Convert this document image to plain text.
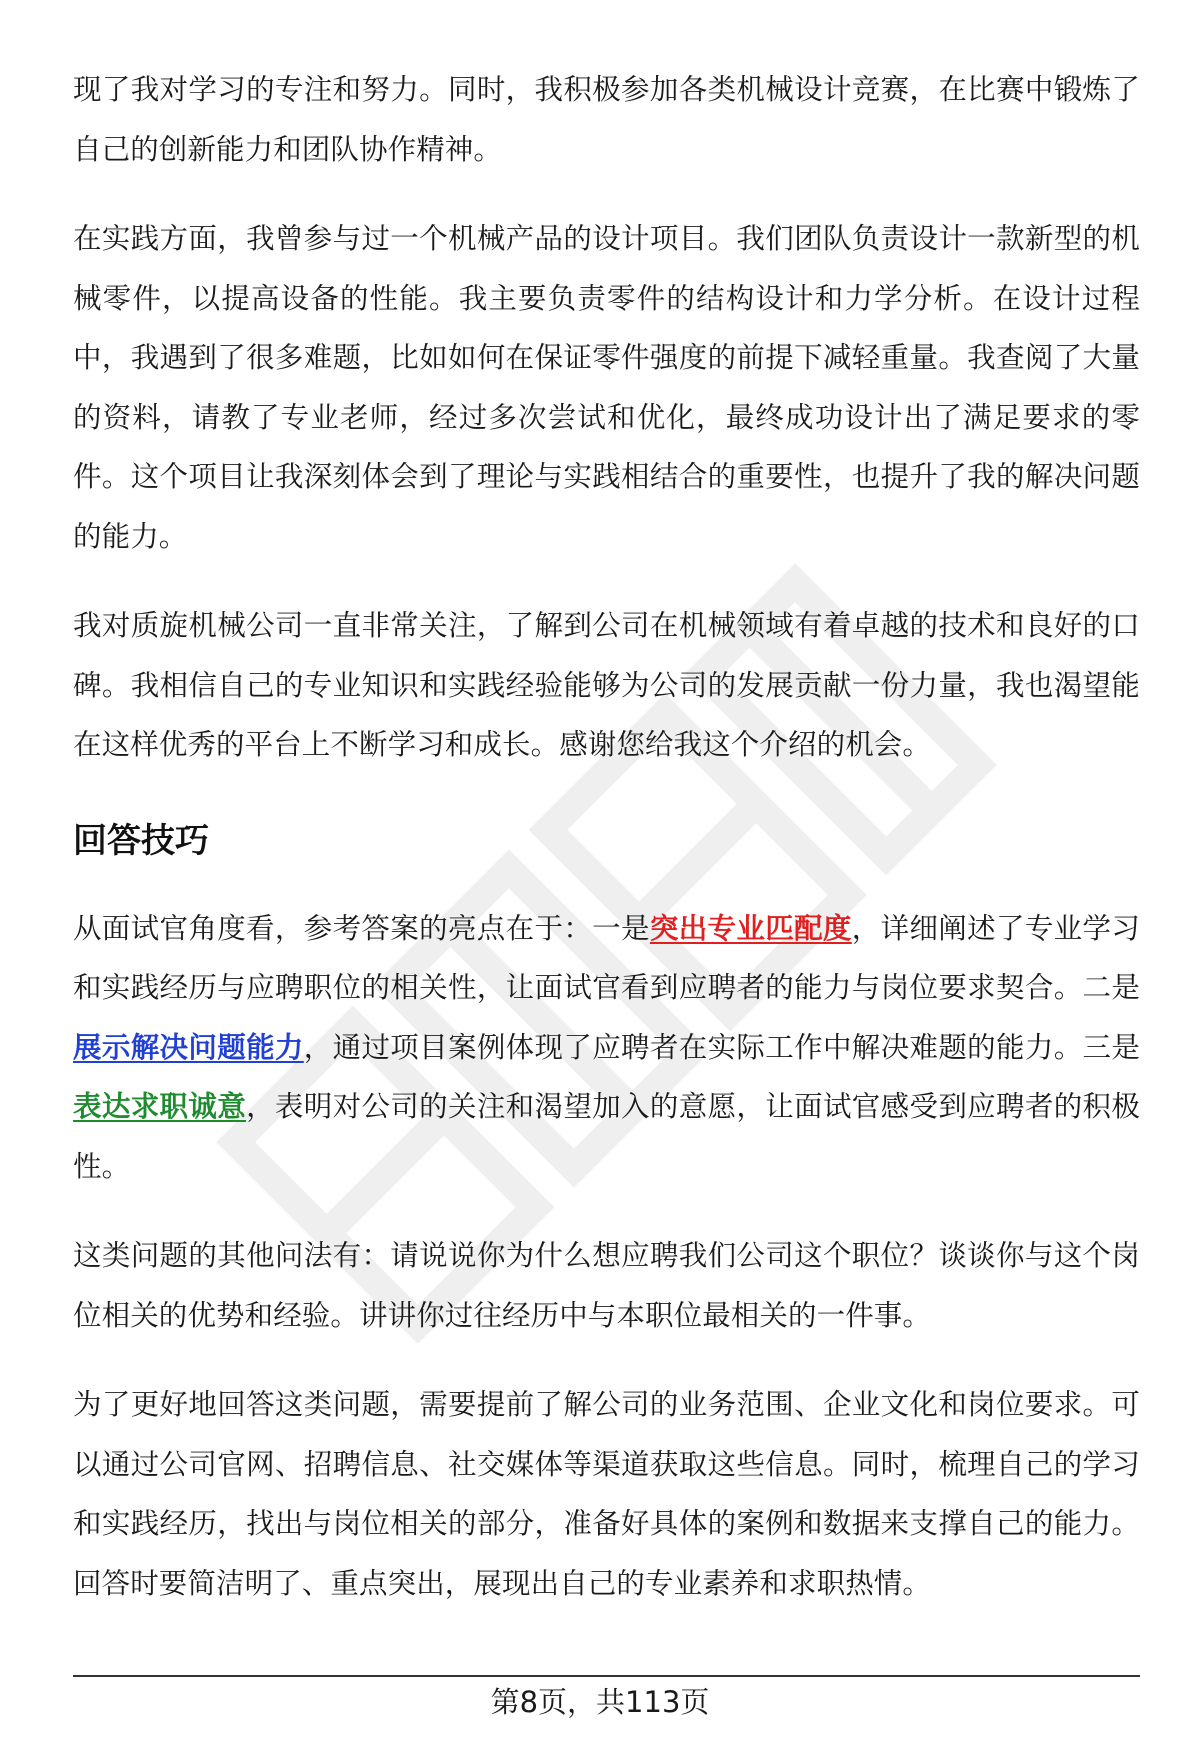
现了我对学习的专注和努力。同时，我积极参加各类机械设计竞赛，在比赛中锻炼了自己的创新能力和团队协作精神。

在实践方面，我曾参与过一个机械产品的设计项目。我们团队负责设计一款新型的机械零件，以提高设备的性能。我主要负责零件的结构设计和力学分析。在设计过程中，我遇到了很多难题，比如如何在保证零件强度的前提下减轻重量。我查阅了大量的资料，请教了专业老师，经过多次尝试和优化，最终成功设计出了满足要求的零件。这个项目让我深刻体会到了理论与实践相结合的重要性，也提升了我的解决问题的能力。

我对质旋机械公司一直非常关注，了解到公司在机械领域有着卓越的技术和良好的口碑。我相信自己的专业知识和实践经验能够为公司的发展贡献一份力量，我也渴望能在这样优秀的平台上不断学习和成长。感谢您给我这个介绍的机会。

回答技巧

从面试官角度看，参考答案的亮点在于：一是突出专业匹配度，详细阐述了专业学习和实践经历与应聘职位的相关性，让面试官看到应聘者的能力与岗位要求契合。二是展示解决问题能力，通过项目案例体现了应聘者在实际工作中解决难题的能力。三是表达求职诚意，表明对公司的关注和渴望加入的意愿，让面试官感受到应聘者的积极性。

这类问题的其他问法有：请说说你为什么想应聘我们公司这个职位？谈谈你与这个岗位相关的优势和经验。讲讲你过往经历中与本职位最相关的一件事。

为了更好地回答这类问题，需要提前了解公司的业务范围、企业文化和岗位要求。可以通过公司官网、招聘信息、社交媒体等渠道获取这些信息。同时，梳理自己的学习和实践经历，找出与岗位相关的部分，准备好具体的案例和数据来支撑自己的能力。回答时要简洁明了、重点突出，展现出自己的专业素养和求职热情。

第8页，共113页
